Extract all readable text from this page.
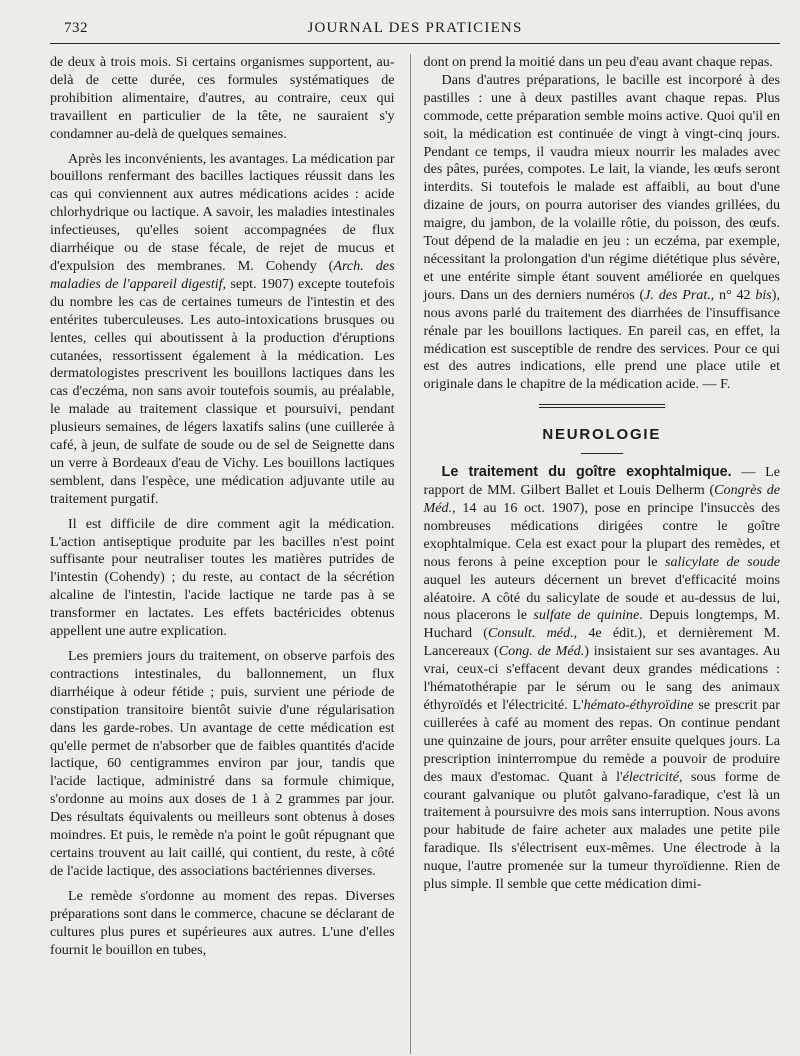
732	JOURNAL DES PRATICIENS

de deux à trois mois. Si certains organismes supportent, au-delà de cette durée, ces formules systématiques de prohibition alimentaire, d'autres, au contraire, ceux qui travaillent en particulier de la tête, ne sauraient s'y condamner au-delà de quelques semaines.

Après les inconvénients, les avantages. La médication par bouillons renfermant des bacilles lactiques réussit dans les cas qui conviennent aux autres médications acides : acide chlorhydrique ou lactique. A savoir, les maladies intestinales infectieuses, qu'elles soient accompagnées de flux diarrhéique ou de stase fécale, de rejet de mucus et d'expulsion des membranes. M. Cohendy (Arch. des maladies de l'appareil digestif, sept. 1907) excepte toutefois du nombre les cas de certaines tumeurs de l'intestin et des entérites tuberculeuses. Les auto-intoxications brusques ou lentes, celles qui aboutissent à la production d'éruptions cutanées, ressortissent également à la médication. Les dermatologistes prescrivent les bouillons lactiques dans les cas d'eczéma, non sans avoir toutefois soumis, au préalable, le malade au traitement classique et poursuivi, pendant plusieurs semaines, de légers laxatifs salins (une cuillerée à café, à jeun, de sulfate de soude ou de sel de Seignette dans un verre à Bordeaux d'eau de Vichy. Les bouillons lactiques semblent, dans l'espèce, une médication adjuvante utile au traitement purgatif.

Il est difficile de dire comment agit la médication. L'action antiseptique produite par les bacilles n'est point suffisante pour neutraliser toutes les matières putrides de l'intestin (Cohendy) ; du reste, au contact de la sécrétion alcaline de l'intestin, l'acide lactique ne tarde pas à se transformer en lactates. Les effets bactéricides obtenus appellent une autre explication.

Les premiers jours du traitement, on observe parfois des contractions intestinales, du ballonnement, un flux diarrhéique à odeur fétide ; puis, survient une période de constipation transitoire bientôt suivie d'une régularisation dans les garde-robes. Un avantage de cette médication est qu'elle permet de n'absorber que de faibles quantités d'acide lactique, 60 centigrammes environ par jour, tandis que l'acide lactique, administré dans sa formule chimique, s'ordonne au moins aux doses de 1 à 2 grammes par jour. Des résultats équivalents ou meilleurs sont obtenus à doses moindres. Et puis, le remède n'a point le goût répugnant que certains trouvent au lait caillé, qui contient, du reste, à côté de l'acide lactique, des associations bactériennes diverses.

Le remède s'ordonne au moment des repas. Diverses préparations sont dans le commerce, chacune se déclarant de cultures plus pures et supérieures aux autres. L'une d'elles fournit le bouillon en tubes,

dont on prend la moitié dans un peu d'eau avant chaque repas.

Dans d'autres préparations, le bacille est incorporé à des pastilles : une à deux pastilles avant chaque repas. Plus commode, cette préparation semble moins active. Quoi qu'il en soit, la médication est continuée de vingt à vingt-cinq jours. Pendant ce temps, il vaudra mieux nourrir les malades avec des pâtes, purées, compotes. Le lait, la viande, les œufs seront interdits. Si toutefois le malade est affaibli, au bout d'une dizaine de jours, on pourra autoriser des viandes grillées, du maigre, du jambon, de la volaille rôtie, du poisson, des œufs. Tout dépend de la maladie en jeu : un eczéma, par exemple, nécessitant la prolongation d'un régime diététique plus sévère, et une entérite simple étant souvent améliorée en quelques jours. Dans un des derniers numéros (J. des Prat., n° 42 bis), nous avons parlé du traitement des diarrhées de l'insuffisance rénale par les bouillons lactiques. En pareil cas, en effet, la médication est susceptible de rendre des services. Pour ce qui est des autres indications, elle prend une place utile et originale dans le chapitre de la médication acide. — F.

NEUROLOGIE

Le traitement du goître exophtalmique. — Le rapport de MM. Gilbert Ballet et Louis Delherm (Congrès de Méd., 14 au 16 oct. 1907), pose en principe l'insuccès des nombreuses médications dirigées contre le goître exophtalmique. Cela est exact pour la plupart des remèdes, et nous ferons à peine exception pour le salicylate de soude auquel les auteurs décernent un brevet d'efficacité moins aléatoire. A côté du salicylate de soude et au-dessus de lui, nous placerons le sulfate de quinine. Depuis longtemps, M. Huchard (Consult. méd., 4e édit.), et dernièrement M. Lancereaux (Cong. de Méd.) insistaient sur ses avantages. Au vrai, ceux-ci s'effacent devant deux grandes médications : l'hématothérapie par le sérum ou le sang des animaux éthyroïdés et l'électricité. L'hémato-éthyroïdine se prescrit par cuillerées à café au moment des repas. On continue pendant une quinzaine de jours, pour arrêter ensuite quelques jours. La prescription ininterrompue du remède a pouvoir de produire des maux d'estomac. Quant à l'électricité, sous forme de courant galvanique ou plutôt galvano-faradique, c'est là un traitement à poursuivre des mois sans interruption. Nous avons pour habitude de faire acheter aux malades une petite pile faradique. Ils s'électrisent eux-mêmes. Une électrode à la nuque, l'autre promenée sur la tumeur thyroïdienne. Rien de plus simple. Il semble que cette médication dimi-
